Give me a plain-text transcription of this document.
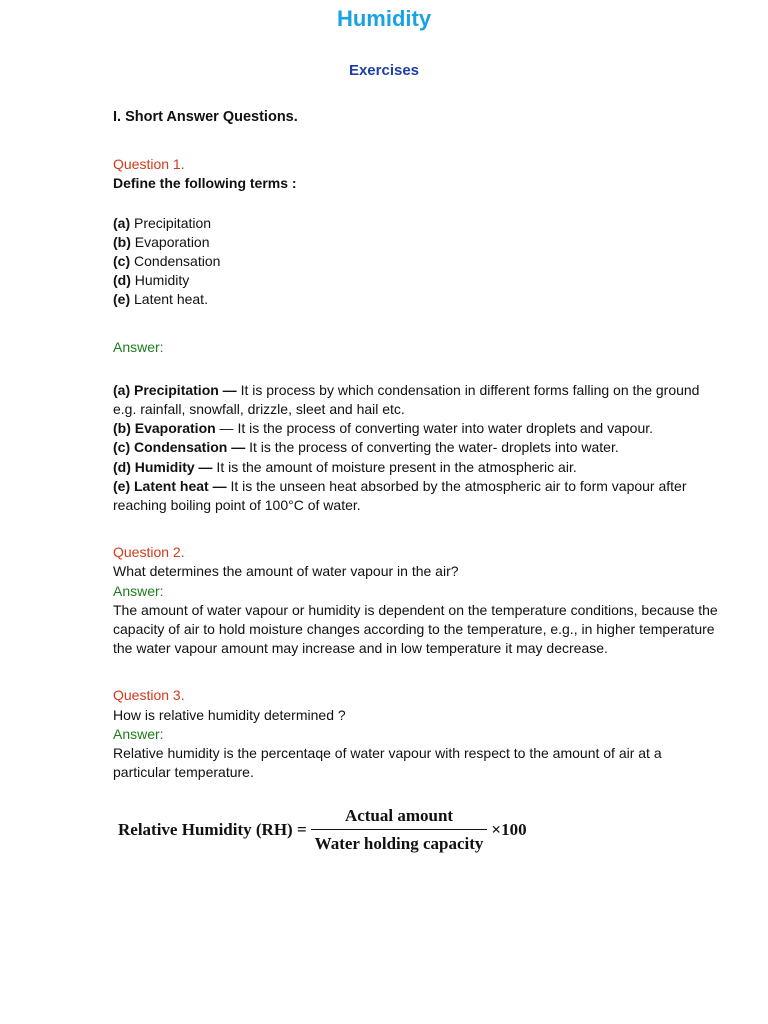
Humidity
Exercises

I. Short Answer Questions.

Question 1.

Define the following terms :

(a) Precipitation
(b) Evaporation
(c) Condensation
(d) Humidity
(e) Latent heat.

Answer:

(a) Precipitation — It is process by which condensation in different forms falling on the ground e.g. rainfall, snowfall, drizzle, sleet and hail etc.

(b) Evaporation — It is the process of converting water into water droplets and vapour.

(c) Condensation — It is the process of converting the water- droplets into water.

(d) Humidity — It is the amount of moisture present in the atmospheric air.

(e) Latent heat — It is the unseen heat absorbed by the atmospheric air to form vapour after reaching boiling point of 100°C of water.

Question 2.

What determines the amount of water vapour in the air?

Answer:

The amount of water vapour or humidity is dependent on the temperature conditions, because the capacity of air to hold moisture changes according to the temperature, e.g., in higher temperature the water vapour amount may increase and in low temperature it may decrease.

Question 3.

How is relative humidity determined ?

Answer:

Relative humidity is the percentaqe of water vapour with respect to the amount of air at a particular temperature.

Relative Humidity $(RH) = \frac{\text{Actual amount}}{\text{Water holding capacity}} \times 100$
